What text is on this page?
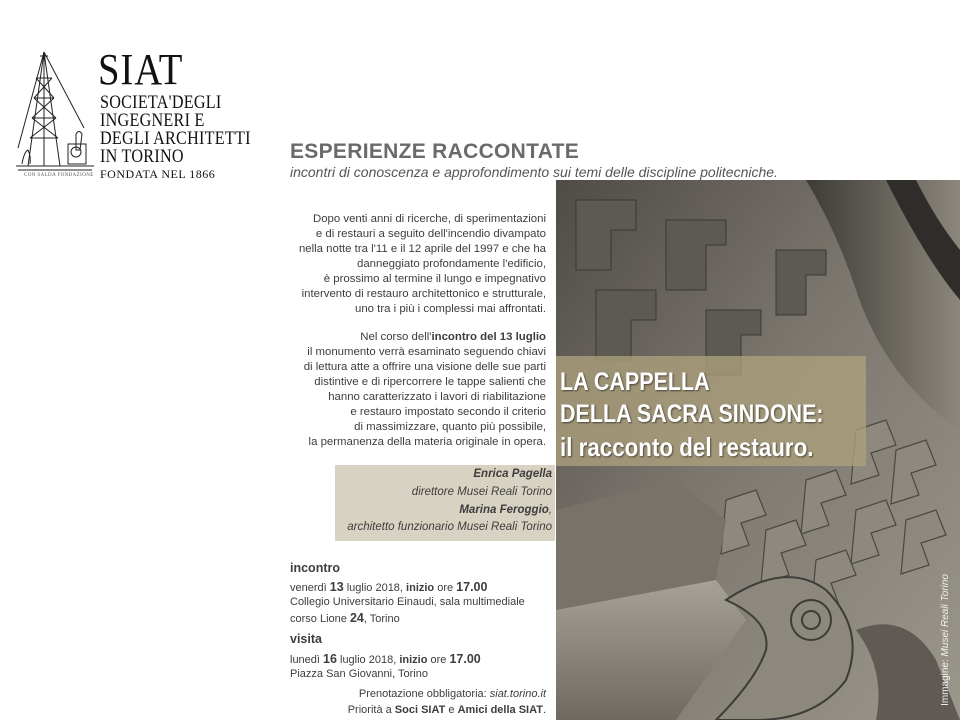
SIAT
SOCIETA'DEGLI
INGEGNERI E
DEGLI ARCHITETTI
IN TORINO
FONDATA NEL 1866
CON SALDA FONDAZIONE
ESPERIENZE RACCONTATE
incontri di conoscenza e approfondimento sui temi delle discipline politecniche.
Immagine: Musei Reali Torino
LA CAPPELLA
DELLA SACRA SINDONE:
il racconto del restauro.
Dopo venti anni di ricerche, di sperimentazioni
e di restauri a seguito dell'incendio divampato
nella notte tra l'11 e il 12 aprile del 1997 e che ha
danneggiato profondamente l'edificio,
è prossimo al termine il lungo e impegnativo
intervento di restauro architettonico e strutturale,
uno tra i più i complessi mai affrontati.
Nel corso dell'incontro del 13 luglio
il monumento verrà esaminato seguendo chiavi
di lettura atte a offrire una visione delle sue parti
distintive e di ripercorrere le tappe salienti che
hanno caratterizzato i lavori di riabilitazione
e restauro impostato secondo il criterio
di massimizzare, quanto più possibile,
la permanenza della materia originale in opera.
Enrica Pagella
direttore Musei Reali Torino
Marina Feroggio,
architetto funzionario Musei Reali Torino
incontro
venerdì 13 luglio 2018, inizio ore 17.00
Collegio Universitario Einaudi, sala multimediale
corso Lione 24, Torino
visita
lunedì 16 luglio 2018, inizio ore 17.00
Piazza San Giovanni, Torino
Prenotazione obbligatoria: siat.torino.it
Priorità a Soci SIAT e Amici della SIAT.
